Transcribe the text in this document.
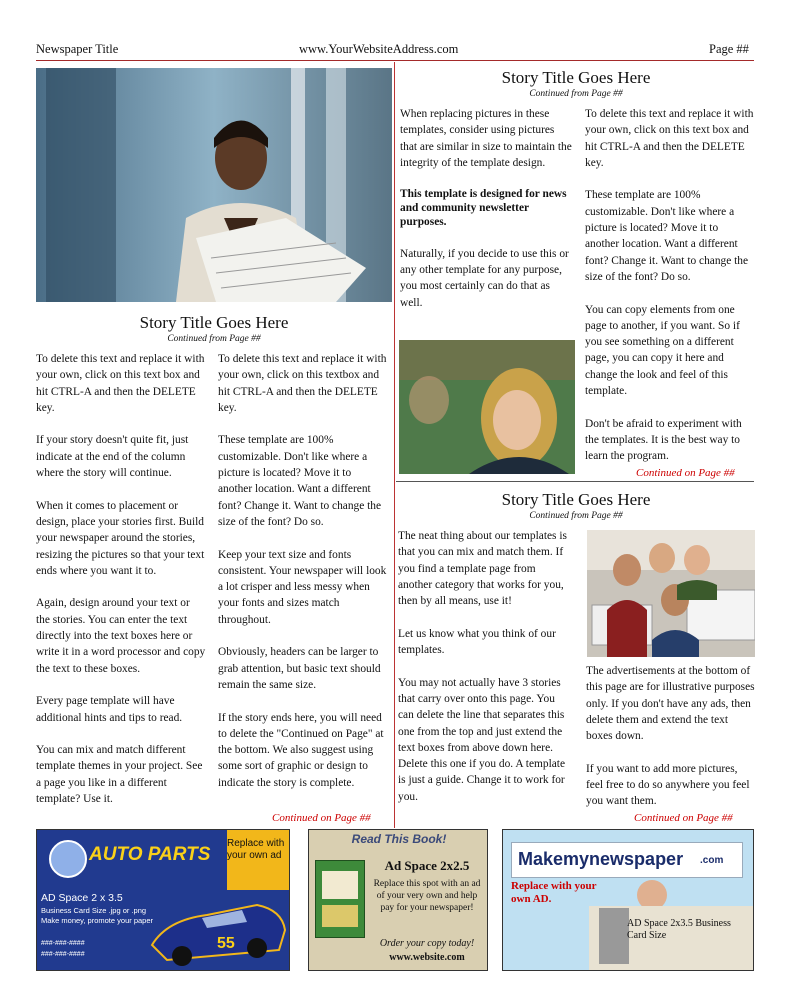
Newspaper Title	www.YourWebsiteAddress.com	Page ##
Story Title Goes Here
Continued from Page ##

To delete this text and replace it with your own, click on this text box and hit CTRL-A and then the DELETE key.

If your story doesn't quite fit, just indicate at the end of the column where the story will continue.

When it comes to placement or design, place your stories first. Build your newspaper around the stories, resizing the pictures so that your text ends where you want it to.

Again, design around your text or the stories. You can enter the text directly into the text boxes here or write it in a word processor and copy the text to these boxes.

Every page template will have additional hints and tips to read.

You can mix and match different template themes in your project. See a page you like in a different template? Use it.

To delete this text and replace it with your own, click on this textbox and hit CTRL-A and then the DELETE key.

These template are 100% customizable. Don't like where a picture is located? Move it to another location. Want a different font? Change it. Want to change the size of the font? Do so.

Keep your text size and fonts consistent. Your newspaper will look a lot crisper and less messy when your fonts and sizes match throughout.

Obviously, headers can be larger to grab attention, but basic text should remain the same size.

If the story ends here, you will need to delete the "Continued on Page" at the bottom. We also suggest using some sort of graphic or design to indicate the story is complete.

Continued on Page ##
Story Title Goes Here
Continued from Page ##

When replacing pictures in these templates, consider using pictures that are similar in size to maintain the integrity of the template design.

This template is designed for news and community newsletter purposes.

Naturally, if you decide to use this or any other template for any purpose, you most certainly can do that as well.

To delete this text and replace it with your own, click on this text box and hit CTRL-A and then the DELETE key.

These template are 100% customizable. Don't like where a picture is located? Move it to another location. Want a different font? Change it. Want to change the size of the font? Do so.

You can copy elements from one page to another, if you want. So if you see something on a different page, you can copy it here and change the look and feel of this template.

Don't be afraid to experiment with the templates. It is the best way to learn the program.

Continued on Page ##
Story Title Goes Here
Continued from Page ##

The neat thing about our templates is that you can mix and match them. If you find a template page from another category that works for you, then by all means, use it!

Let us know what you think of our templates.

You may not actually have 3 stories that carry over onto this page. You can delete the line that separates this one from the top and just extend the text boxes from above down here. Delete this one if you do. A template is just a guide. Change it to work for you.

The advertisements at the bottom of this page are for illustrative purposes only. If you don't have any ads, then delete them and extend the text boxes down.

If you want to add more pictures, feel free to do so anywhere you feel you want them.

Continued on Page ##
AUTO PARTS
Replace with your own ad
AD Space 2 x 3.5
Business Card Size .jpg or .png
Make money, promote your paper
###-###-####
###-###-####
55
Read This Book!
Ad Space 2x2.5
Replace this spot with an ad of your very own and help pay for your newspaper!
Order your copy today!
www.website.com
Makemynewspaper .com
Replace with your own AD.
AD Space 2x3.5 Business Card Size
